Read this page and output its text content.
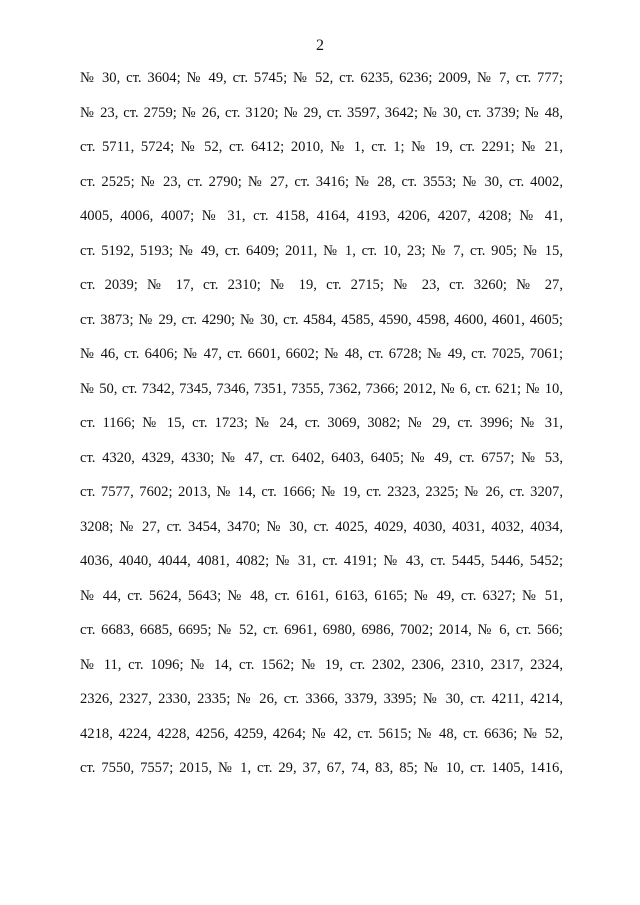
2
№ 30, ст. 3604; № 49, ст. 5745; № 52, ст. 6235, 6236; 2009, № 7, ст. 777;
№ 23, ст. 2759; № 26, ст. 3120; № 29, ст. 3597, 3642; № 30, ст. 3739; № 48,
ст. 5711, 5724; № 52, ст. 6412; 2010, № 1, ст. 1; № 19, ст. 2291; № 21,
ст. 2525; № 23, ст. 2790; № 27, ст. 3416; № 28, ст. 3553; № 30, ст. 4002,
4005, 4006, 4007; № 31, ст. 4158, 4164, 4193, 4206, 4207, 4208; № 41,
ст. 5192, 5193; № 49, ст. 6409; 2011, № 1, ст. 10, 23; № 7, ст. 905; № 15,
ст. 2039; № 17, ст. 2310; № 19, ст. 2715; № 23, ст. 3260; № 27,
ст. 3873; № 29, ст. 4290; № 30, ст. 4584, 4585, 4590, 4598, 4600, 4601, 4605;
№ 46, ст. 6406; № 47, ст. 6601, 6602; № 48, ст. 6728; № 49, ст. 7025, 7061;
№ 50, ст. 7342, 7345, 7346, 7351, 7355, 7362, 7366; 2012, № 6, ст. 621; № 10,
ст. 1166; № 15, ст. 1723; № 24, ст. 3069, 3082; № 29, ст. 3996; № 31,
ст. 4320, 4329, 4330; № 47, ст. 6402, 6403, 6405; № 49, ст. 6757; № 53,
ст. 7577, 7602; 2013, № 14, ст. 1666; № 19, ст. 2323, 2325; № 26, ст. 3207,
3208; № 27, ст. 3454, 3470; № 30, ст. 4025, 4029, 4030, 4031, 4032, 4034,
4036, 4040, 4044, 4081, 4082; № 31, ст. 4191; № 43, ст. 5445, 5446, 5452;
№ 44, ст. 5624, 5643; № 48, ст. 6161, 6163, 6165; № 49, ст. 6327; № 51,
ст. 6683, 6685, 6695; № 52, ст. 6961, 6980, 6986, 7002; 2014, № 6, ст. 566;
№ 11, ст. 1096; № 14, ст. 1562; № 19, ст. 2302, 2306, 2310, 2317, 2324,
2326, 2327, 2330, 2335; № 26, ст. 3366, 3379, 3395; № 30, ст. 4211, 4214,
4218, 4224, 4228, 4256, 4259, 4264; № 42, ст. 5615; № 48, ст. 6636; № 52,
ст. 7550, 7557; 2015, № 1, ст. 29, 37, 67, 74, 83, 85; № 10, ст. 1405, 1416,
